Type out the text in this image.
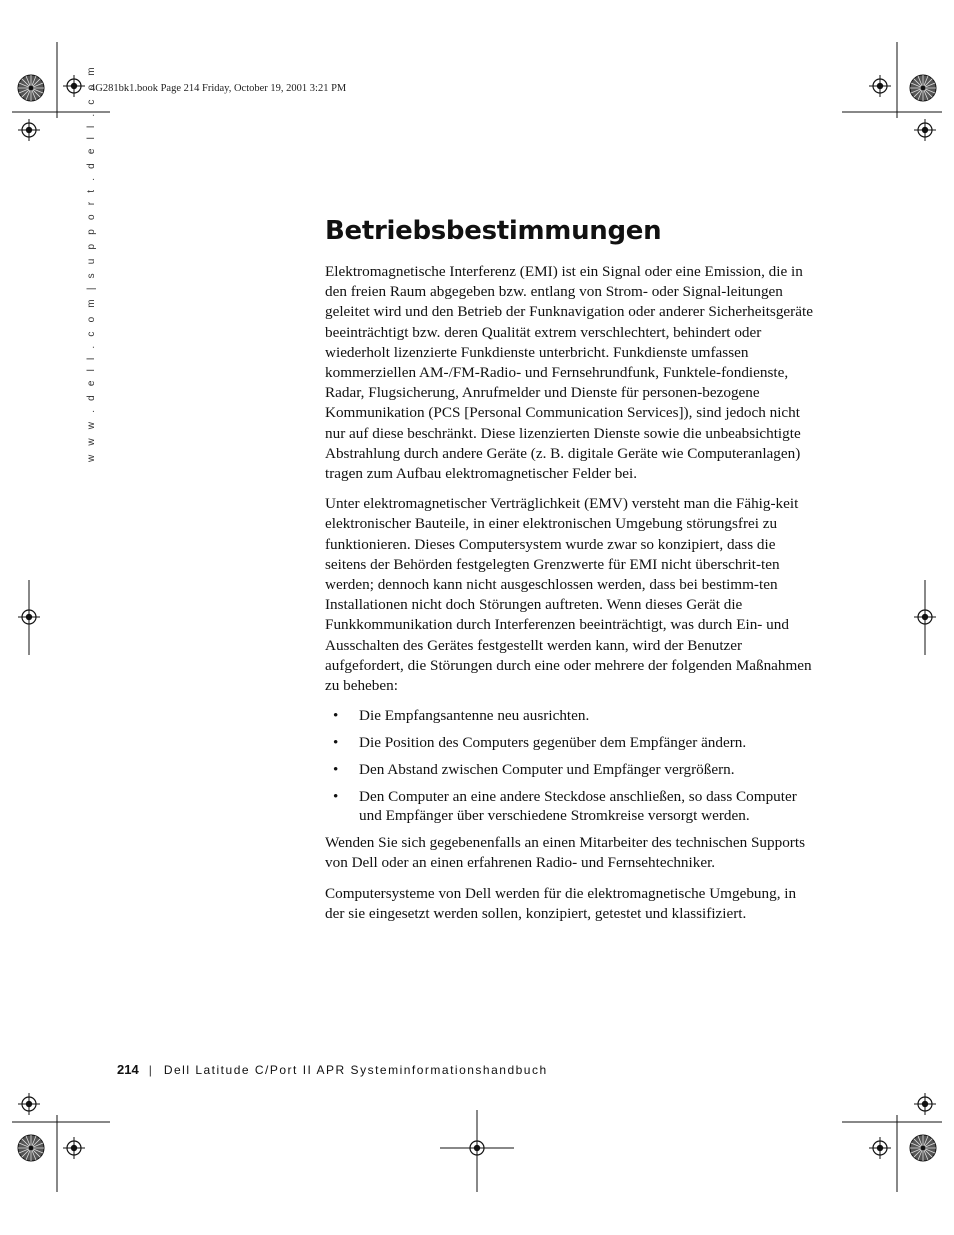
4G281bk1.book Page 214 Friday, October 19, 2001 3:21 PM
w w w . d e l l . c o m | s u p p o r t . d e l l . c o m	Betriebsbestimmungen

Elektromagnetische Interferenz (EMI) ist ein Signal oder eine Emission, die in den freien Raum abgegeben bzw. entlang von Strom- oder Signal-leitungen geleitet wird und den Betrieb der Funknavigation oder anderer Sicherheitsgeräte beeinträchtigt bzw. deren Qualität extrem verschlechtert, behindert oder wiederholt lizenzierte Funkdienste unterbricht. Funkdienste umfassen kommerziellen AM-/FM-Radio- und Fernsehrundfunk, Funktele-fondienste, Radar, Flugsicherung, Anrufmelder und Dienste für personen-bezogene Kommunikation (PCS [Personal Communication Services]), sind jedoch nicht nur auf diese beschränkt. Diese lizenzierten Dienste sowie die unbeabsichtigte Abstrahlung durch andere Geräte (z. B. digitale Geräte wie Computeranlagen) tragen zum Aufbau elektromagnetischer Felder bei.

Unter elektromagnetischer Verträglichkeit (EMV) versteht man die Fähig-keit elektronischer Bauteile, in einer elektronischen Umgebung störungsfrei zu funktionieren. Dieses Computersystem wurde zwar so konzipiert, dass die seitens der Behörden festgelegten Grenzwerte für EMI nicht überschrit-ten werden; dennoch kann nicht ausgeschlossen werden, dass bei bestimm-ten Installationen nicht doch Störungen auftreten. Wenn dieses Gerät die Funkkommunikation durch Interferenzen beeinträchtigt, was durch Ein- und Ausschalten des Gerätes festgestellt werden kann, wird der Benutzer aufgefordert, die Störungen durch eine oder mehrere der folgenden Maßnahmen zu beheben:

• Die Empfangsantenne neu ausrichten.
• Die Position des Computers gegenüber dem Empfänger ändern.
• Den Abstand zwischen Computer und Empfänger vergrößern.
• Den Computer an eine andere Steckdose anschließen, so dass Computer und Empfänger über verschiedene Stromkreise versorgt werden.

Wenden Sie sich gegebenenfalls an einen Mitarbeiter des technischen Supports von Dell oder an einen erfahrenen Radio- und Fernsehtechniker.

Computersysteme von Dell werden für die elektromagnetische Umgebung, in der sie eingesetzt werden sollen, konzipiert, getestet und klassifiziert.

214 | Dell Latitude C/Port II APR Systeminformationshandbuch
